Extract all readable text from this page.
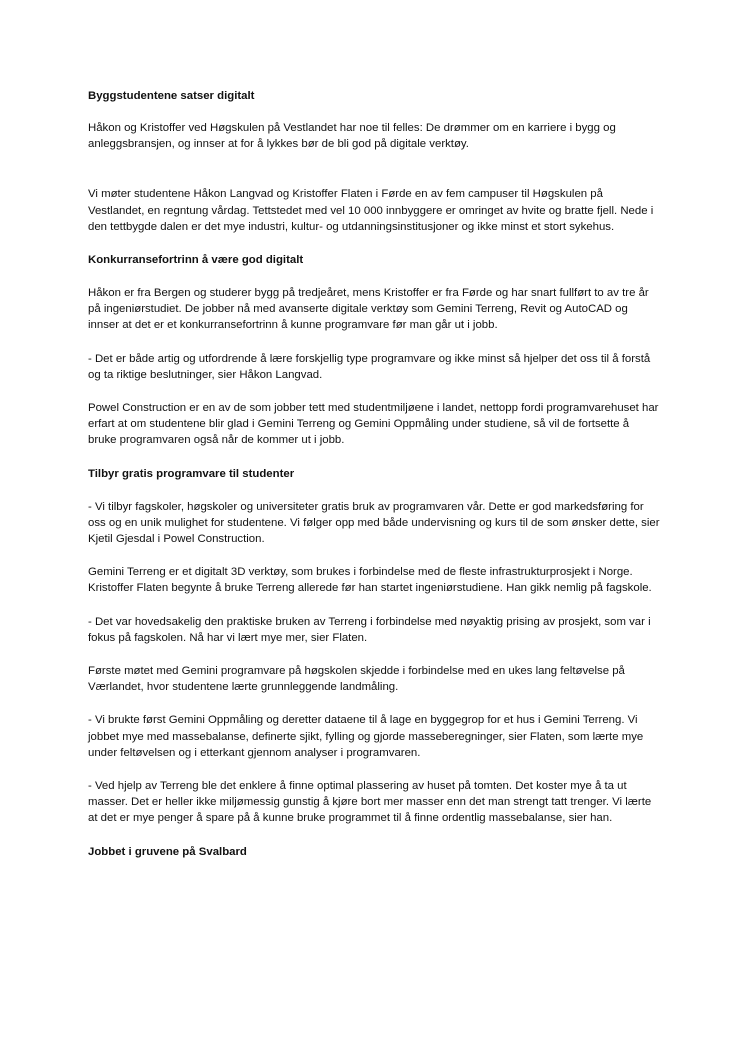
Byggstudentene satser digitalt

Håkon og Kristoffer ved Høgskulen på Vestlandet har noe til felles: De drømmer om en karriere i bygg og anleggsbransjen, og innser at for å lykkes bør de bli god på digitale verktøy.

Vi møter studentene Håkon Langvad og Kristoffer Flaten i Førde en av fem campuser til Høgskulen på Vestlandet, en regntung vårdag. Tettstedet med vel 10 000 innbyggere er omringet av hvite og bratte fjell. Nede i den tettbygde dalen er det mye industri, kultur- og utdanningsinstitusjoner og ikke minst et stort sykehus.

Konkurransefortrinn å være god digitalt

Håkon er fra Bergen og studerer bygg på tredjeåret, mens Kristoffer er fra Førde og har snart fullført to av tre år på ingeniørstudiet. De jobber nå med avanserte digitale verktøy som Gemini Terreng, Revit og AutoCAD og innser at det er et konkurransefortrinn å kunne programvare før man går ut i jobb.

- Det er både artig og utfordrende å lære forskjellig type programvare og ikke minst så hjelper det oss til å forstå og ta riktige beslutninger, sier Håkon Langvad.

Powel Construction er en av de som jobber tett med studentmiljøene i landet, nettopp fordi programvarehuset har erfart at om studentene blir glad i Gemini Terreng og Gemini Oppmåling under studiene, så vil de fortsette å bruke programvaren også når de kommer ut i jobb.

Tilbyr gratis programvare til studenter

- Vi tilbyr fagskoler, høgskoler og universiteter gratis bruk av programvaren vår. Dette er god markedsføring for oss og en unik mulighet for studentene. Vi følger opp med både undervisning og kurs til de som ønsker dette, sier Kjetil Gjesdal i Powel Construction.

Gemini Terreng er et digitalt 3D verktøy, som brukes i forbindelse med de fleste infrastrukturprosjekt i Norge. Kristoffer Flaten begynte å bruke Terreng allerede før han startet ingeniørstudiene. Han gikk nemlig på fagskole.

- Det var hovedsakelig den praktiske bruken av Terreng i forbindelse med nøyaktig prising av prosjekt, som var i fokus på fagskolen. Nå har vi lært mye mer, sier Flaten.

Første møtet med Gemini programvare på høgskolen skjedde i forbindelse med en ukes lang feltøvelse på Værlandet, hvor studentene lærte grunnleggende landmåling.

- Vi brukte først Gemini Oppmåling og deretter dataene til å lage en byggegrop for et hus i Gemini Terreng. Vi jobbet mye med massebalanse, definerte sjikt, fylling og gjorde masseberegninger, sier Flaten, som lærte mye under feltøvelsen og i etterkant gjennom analyser i programvaren.

- Ved hjelp av Terreng ble det enklere å finne optimal plassering av huset på tomten. Det koster mye å ta ut masser. Det er heller ikke miljømessig gunstig å kjøre bort mer masser enn det man strengt tatt trenger. Vi lærte at det er mye penger å spare på å kunne bruke programmet til å finne ordentlig massebalanse, sier han.

Jobbet i gruvene på Svalbard
